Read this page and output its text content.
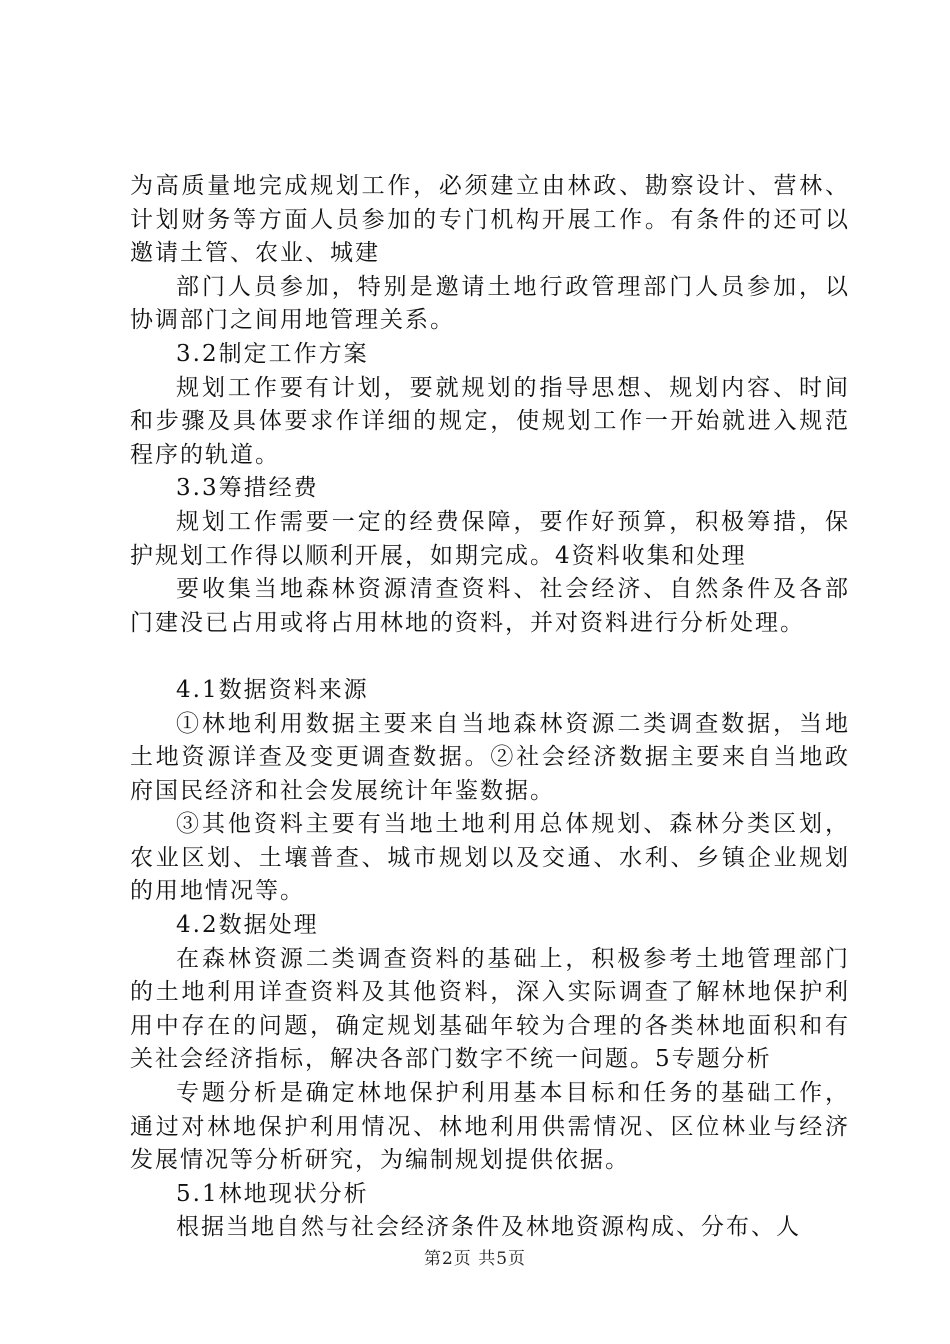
为高质量地完成规划工作，必须建立由林政、勘察设计、营林、计划财务等方面人员参加的专门机构开展工作。有条件的还可以邀请土管、农业、城建

部门人员参加，特别是邀请土地行政管理部门人员参加，以协调部门之间用地管理关系。

3.2制定工作方案

规划工作要有计划，要就规划的指导思想、规划内容、时间和步骤及具体要求作详细的规定，使规划工作一开始就进入规范程序的轨道。

3.3筹措经费

规划工作需要一定的经费保障，要作好预算，积极筹措，保护规划工作得以顺利开展，如期完成。4资料收集和处理

要收集当地森林资源清查资料、社会经济、自然条件及各部门建没已占用或将占用林地的资料，并对资料进行分析处理。

4.1数据资料来源

①林地利用数据主要来自当地森林资源二类调查数据，当地土地资源详查及变更调查数据。②社会经济数据主要来自当地政府国民经济和社会发展统计年鉴数据。

③其他资料主要有当地土地利用总体规划、森林分类区划，农业区划、土壤普查、城市规划以及交通、水利、乡镇企业规划的用地情况等。

4.2数据处理

在森林资源二类调查资料的基础上，积极参考土地管理部门的土地利用详查资料及其他资料，深入实际调查了解林地保护利用中存在的问题，确定规划基础年较为合理的各类林地面积和有关社会经济指标，解决各部门数字不统一问题。5专题分析

专题分析是确定林地保护利用基本目标和任务的基础工作，通过对林地保护利用情况、林地利用供需情况、区位林业与经济发展情况等分析研究，为编制规划提供依据。

5.1林地现状分析

根据当地自然与社会经济条件及林地资源构成、分布、人

第2页 共5页
